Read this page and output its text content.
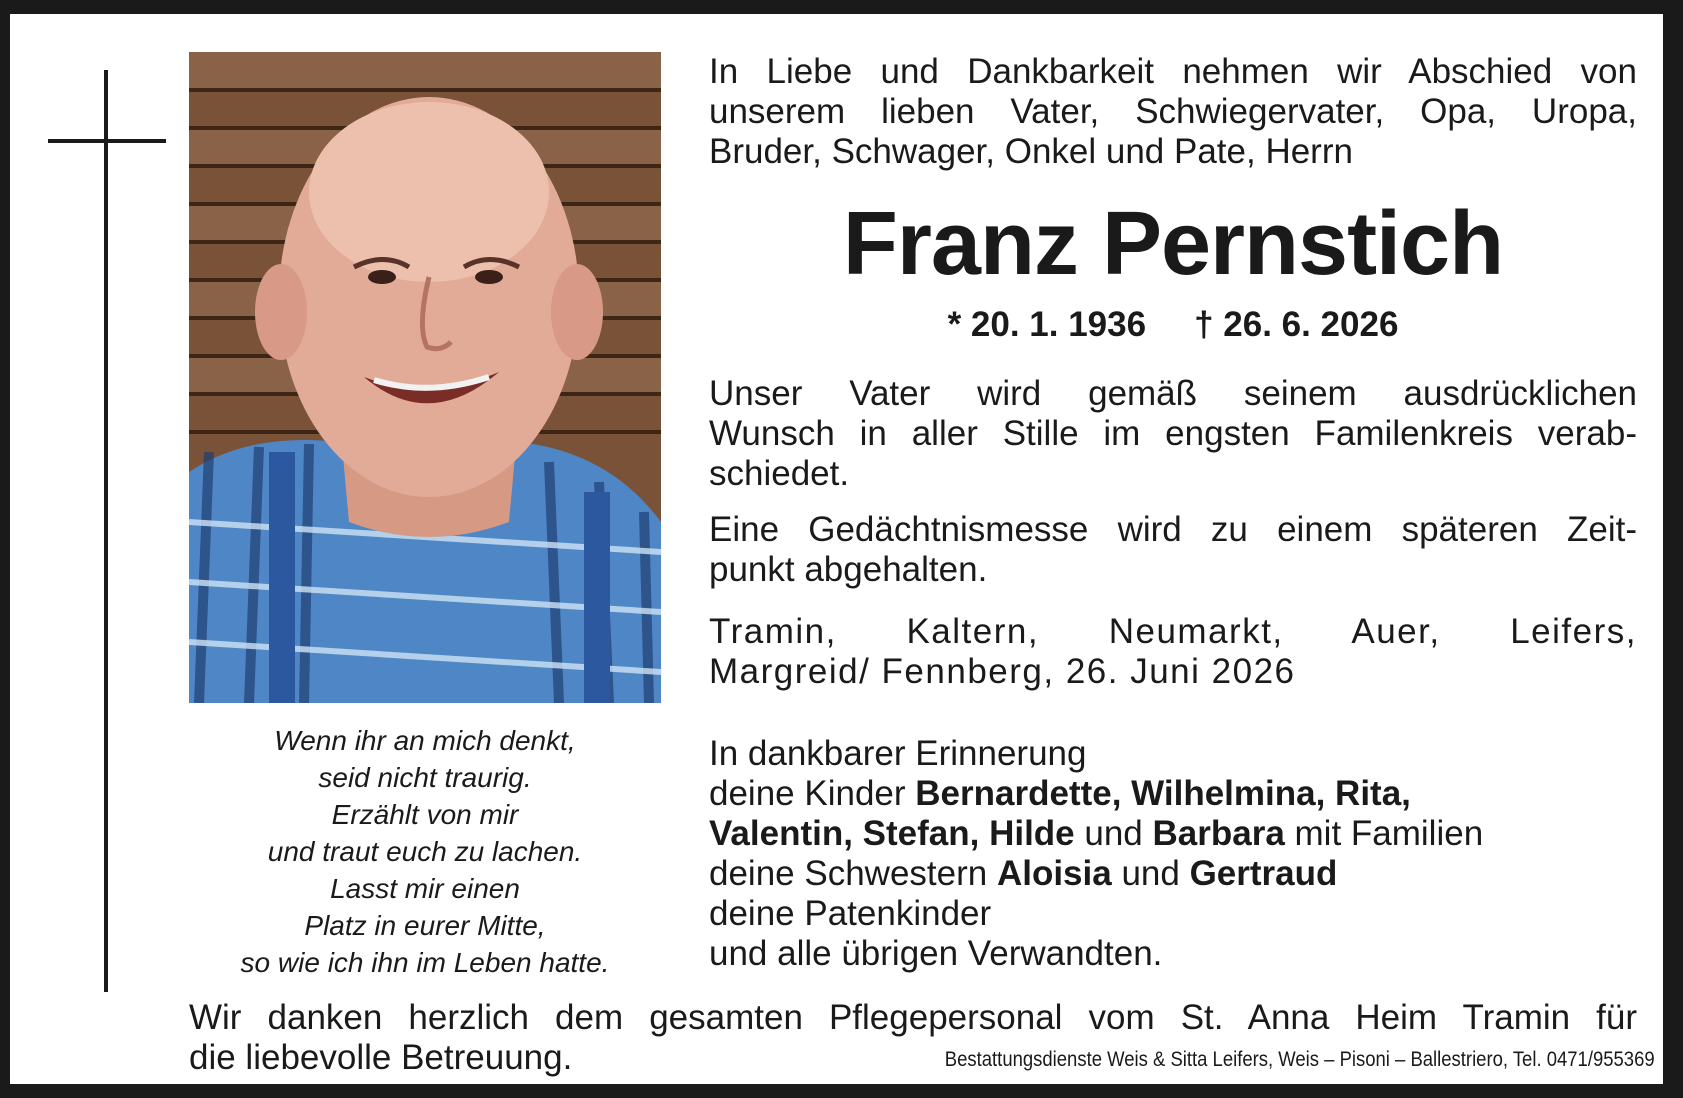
Wenn ihr an mich denkt,
seid nicht traurig.
Erzählt von mir
und traut euch zu lachen.
Lasst mir einen
Platz in eurer Mitte,
so wie ich ihn im Leben hatte.
In Liebe und Dankbarkeit nehmen wir Abschied von
unserem lieben Vater, Schwiegervater, Opa, Uropa,
Bruder, Schwager, Onkel und Pate, Herrn
Franz Pernstich
* 20. 1. 1936 † 26. 6. 2026
Unser Vater wird gemäß seinem ausdrücklichen
Wunsch in aller Stille im engsten Familenkreis verab-
schiedet.
Eine Gedächtnismesse wird zu einem späteren Zeit-
punkt abgehalten.
Tramin, Kaltern, Neumarkt, Auer, Leifers,
Margreid/ Fennberg, 26. Juni 2026
In dankbarer Erinnerung
deine Kinder Bernardette, Wilhelmina, Rita,
Valentin, Stefan, Hilde und Barbara mit Familien
deine Schwestern Aloisia und Gertraud
deine Patenkinder
und alle übrigen Verwandten.
Wir danken herzlich dem gesamten Pflegepersonal vom St. Anna Heim Tramin für
die liebevolle Betreuung.	Bestattungsdienste Weis & Sitta Leifers, Weis – Pisoni – Ballestriero, Tel. 0471/955369
